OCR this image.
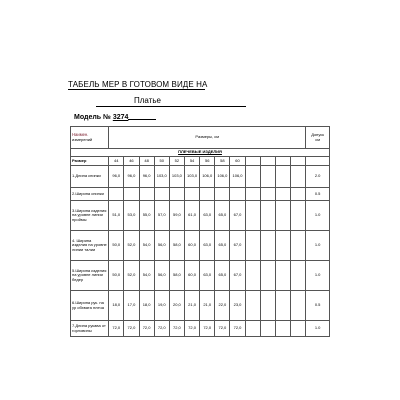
ТАБЕЛЬ МЕР В ГОТОВОМ ВИДЕ НА
Платье
Модель № 3274
Наимен.
измерений	Размеры, см													Допуск
см
ПЛЕЧЕВЫЕ ИЗДЕЛИЯ														
Размер	44	46	48	50	52	54	56	58	60					
1.Длина спинки	96,0	96,0	96,0	103,0	103,0	103,0	106,0	106,0	106,0					2.0
2.Ширина спинки														0.5
3.Ширина изделия на уровне линии проймы	51,0	53,0	55,0	57,0	59,0	61,0	63,0	65,0	67,0					1.0
4. Ширина изделия на уровне линии талии	50,0	52,0	54,0	56,0	58,0	60,0	63,0	65,0	67,0					1.0
5.Ширина изделия на уровне линии бедер	50,0	52,0	54,0	56,0	58,0	60,0	63,0	65,0	67,0					1.0
6.Ширина рук. на ур обхвата плеча	18,0	17,0	18,0	19,0	20,0	21,0	21,0	22,0	23,0					0.5
7.Длина рукава от горловины	72,0	72,0	72,0	72,0	72,0	72,0	72,0	72,0	72,0					1.0
